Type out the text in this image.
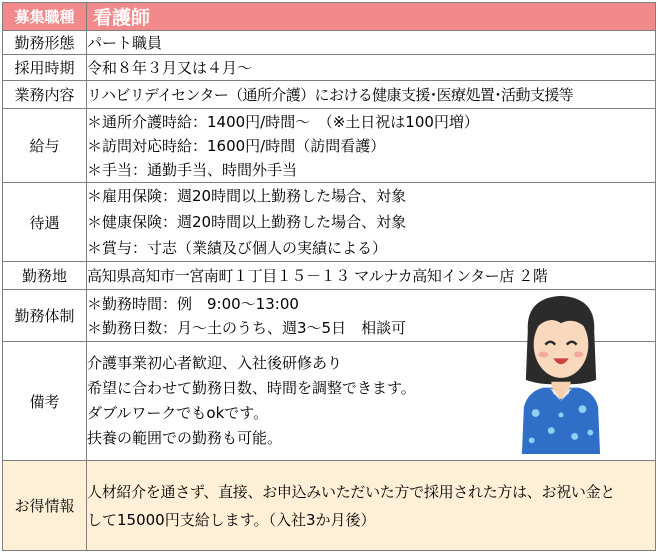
募集職種	看護師
勤務形態	パート職員
採用時期	令和８年３月又は４月～
業務内容	リハビリデイセンター（通所介護）における健康支援･医療処置･活動支援等
給与	＊通所介護時給：1400円/時間～　（※土日祝は100円増）
＊訪問対応時給：1600円/時間（訪問看護）
＊手当：通勤手当、時間外手当

待遇	＊雇用保険：週20時間以上勤務した場合、対象
＊健康保険：週20時間以上勤務した場合、対象
＊賞与：寸志（業績及び個人の実績による）

勤務地	高知県高知市一宮南町１丁目１５－１３ マルナカ高知インター店 ２階
勤務体制	＊勤務時間：例　9:00～13:00
＊勤務日数：月～土のうち、週3～5日　相談可

備考	介護事業初心者歓迎、入社後研修あり
希望に合わせて勤務日数、時間を調整できます。
ダブルワークでもokです。
扶養の範囲での勤務も可能。

お得情報	人材紹介を通さず、直接、お申込みいただいた方で採用された方は、お祝い金と
して15000円支給します。（入社3か月後）
